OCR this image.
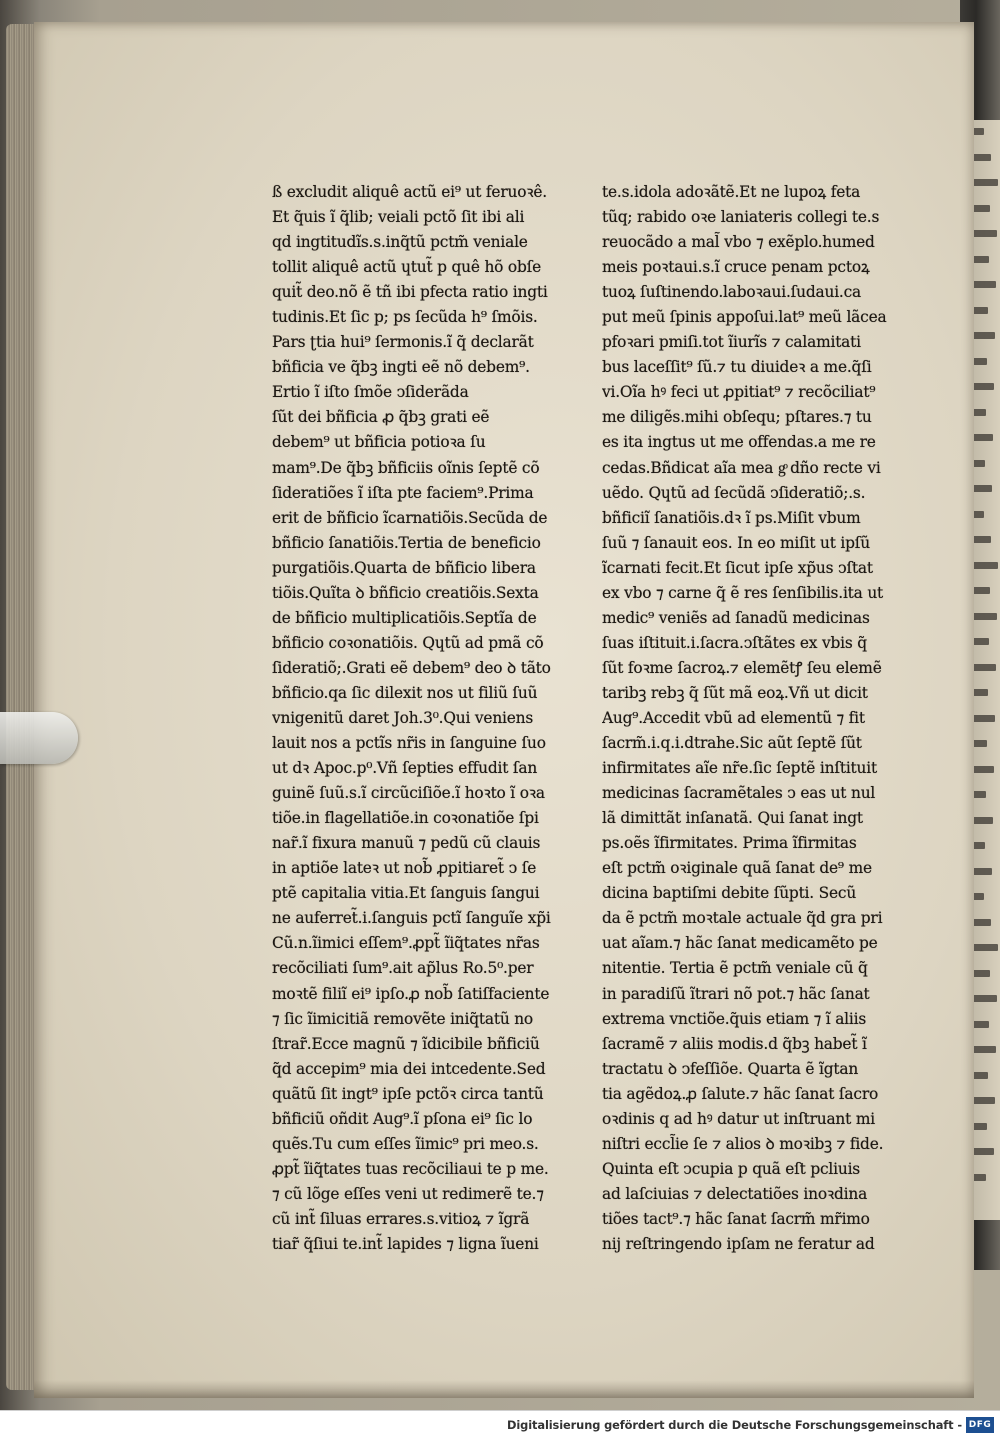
ß excludit aliquê actũ ei⁹ ut feruoꝛê.
Et q̃uis ĩ q̃lib; veiali pctõ ſit ibi ali
qd ingtitudĩs.s.inq̃tũ pctm̃ veniale
tollit aliquê actũ ɥtut̃ p quê hõ obſe
quit̃ deo.nõ ẽ tñ ibi pfecta ratio ingti
tudinis.Et ſic p; ps ſecũda h⁹ ſmõis.
Pars ʈtia hui⁹ ſermonis.ĩ q̃ declarãt
bñficia ve q̃bꝫ ingti eẽ nõ debem⁹.
Ertio ĩ iſto ſmõe ↄſiderãda
ſũt dei bñficia ꝓ q̃bꝫ grati eẽ
debem⁹ ut bñficia potioꝛa ſu
mam⁹.De q̃bꝫ bñficiis oĩnis ſeptẽ cõ
ſideratiões ĩ iſta pte faciem⁹.Prima
erit de bñficio ĩcarnatiõis.Secũda de
bñficio ſanatiõis.Tertia de beneficio
purgatiõis.Quarta de bñficio libera
tiõis.Quĩta ꝺ bñficio creatiõis.Sexta
de bñficio multiplicatiõis.Septĩa de
bñficio coꝛonatiõis. Qɥtũ ad pmã cõ
ſideratiõ;.Grati eẽ debem⁹ deo ꝺ tãto
bñficio.qa ſic dilexit nos ut filiũ ſuũ
vnigenitũ daret Joh.3⁰.Qui veniens
lauit nos a pctĩs nr̃is in ſanguine ſuo
ut dꝛ Apoc.p⁰.Vñ ſepties effudit ſan
guinẽ ſuũ.s.ĩ circũciſiõe.ĩ hoꝛto ĩ oꝛa
tiõe.in flagellatiõe.in coꝛonatiõe ſpi
nar̃.ĩ fixura manuũ ⁊ pedũ cũ clauis
in aptiõe lateꝛ ut nob̃ ꝓpitiaret̃ ↄ ſe
ptẽ capitalia vitia.Et ſanguis ſangui
ne auferret̃.i.ſanguis pctĩ ſanguĩe xp̃i
Cũ.n.ĩimici eſſem⁹.ꝓpt̃ ĩiq̃tates nr̃as
recõciliati ſum⁹.ait ap̃lus Ro.5⁰.per
moꝛtẽ filiĩ ei⁹ ipſo.ꝓ nob̃ ſatiſfaciente
⁊ ſic ĩimicitiã removẽte iniq̃tatũ no
ſtrar̃.Ecce magnũ ⁊ ĩdicibile bñficiũ
q̃d accepim⁹ mia dei intcedente.Sed
quãtũ ſit ingt⁹ ipſe pctõꝛ circa tantũ
bñficiũ oñdit Aug⁹.ĩ pſona ei⁹ ſic lo
quẽs.Tu cum eſſes ĩimic⁹ pri meo.s.
ꝓpt̃ ĩiq̃tates tuas recõciliaui te p me.
⁊ cũ lõge eſſes veni ut redimerẽ te.⁊
cũ int̃ ſiluas errares.s.vitioꝝ ⁊ ĩgrã
tiar̃ q̃ſiui te.int̃ lapides ⁊ ligna ĩueni
te.s.idola adoꝛãtẽ.Et ne lupoꝝ feta
tũq; rabido oꝛe laniateris collegi te.s
reuocãdo a mal̃ vbo ⁊ exẽplo.humed
meis poꝛtaui.s.ĩ cruce penam pctoꝝ
tuoꝝ ſuſtinendo.laboꝛaui.ſudaui.ca
put meũ ſpinis appoſui.lat⁹ meũ lãcea
pfoꝛari pmiſi.tot ĩiurĩs ⁊ calamitati
bus laceſſit⁹ ſũ.⁊ tu diuideꝛ a me.q̃ſi
vi.Oĩa hꝰ feci ut ꝓpitiat⁹ ⁊ recõciliat⁹
me diligẽs.mihi obſequ; pſtares.⁊ tu
es ita ingtus ut me offendas.a me re
cedas.Bñdicat aĩa mea gͦ dño recte vi
uẽdo. Qɥtũ ad ſecũdã ↄſideratiõ;.s.
bñficiĩ ſanatiõis.dꝛ ĩ ps.Miſit vbum
ſuũ ⁊ ſanauit eos. In eo miſit ut ipſũ
ĩcarnati fecit.Et ſicut ipſe xp̃us ↄſtat
ex vbo ⁊ carne q̃ ẽ res ſenſibilis.ita ut
medic⁹ veniẽs ad ſanadũ medicinas
ſuas iſtituit.i.ſacra.ↄſtãtes ex vbis q̃
ſũt foꝛme ſacroꝝ.⁊ elemẽtꝭ ſeu elemẽ
taribꝫ rebꝫ q̃ ſũt mã eoꝝ.Vñ ut dicit
Aug⁹.Accedit vbũ ad elementũ ⁊ fit
ſacrm̃.i.q.i.dtrahe.Sic aũt ſeptẽ ſũt
infirmitates aĩe nr̃e.ſic ſeptẽ inſtituit
medicinas ſacramẽtales ↄ eas ut nul
lã dimittãt inſanatã. Qui ſanat ingt
ps.oẽs ĩfirmitates. Prima ĩfirmitas
eſt pctm̃ oꝛiginale quã ſanat de⁹ me
dicina baptiſmi debite ſũpti. Secũ
da ẽ pctm̃ moꝛtale actuale q̃d gra pri
uat aĩam.⁊ hãc ſanat medicamẽto pe
nitentie. Tertia ẽ pctm̃ veniale cũ q̃
in paradiſũ ĩtrari nõ pot.⁊ hãc ſanat
extrema vnctiõe.q̃uis etiam ⁊ ĩ aliis
ſacramẽ ⁊ aliis modis.d q̃bꝫ habet̃ ĩ
tractatu ꝺ ↄfeſſiõe. Quarta ẽ ĩgtan
tia agẽdoꝝ.ꝓ ſalute.⁊ hãc ſanat ſacro
oꝛdinis q ad hꝰ datur ut inſtruant mi
niſtri eccl̃ie ſe ⁊ alios ꝺ moꝛibꝫ ⁊ fide.
Quinta eſt ↄcupia p quã eſt pcliuis
ad laſciuias ⁊ delectatiões inoꝛdina
tiões tact⁹.⁊ hãc ſanat ſacrm̃ mr̃imo
nij reſtringendo ipſam ne feratur ad
Digitalisierung gefördert durch die Deutsche Forschungsgemeinschaft - DFG
